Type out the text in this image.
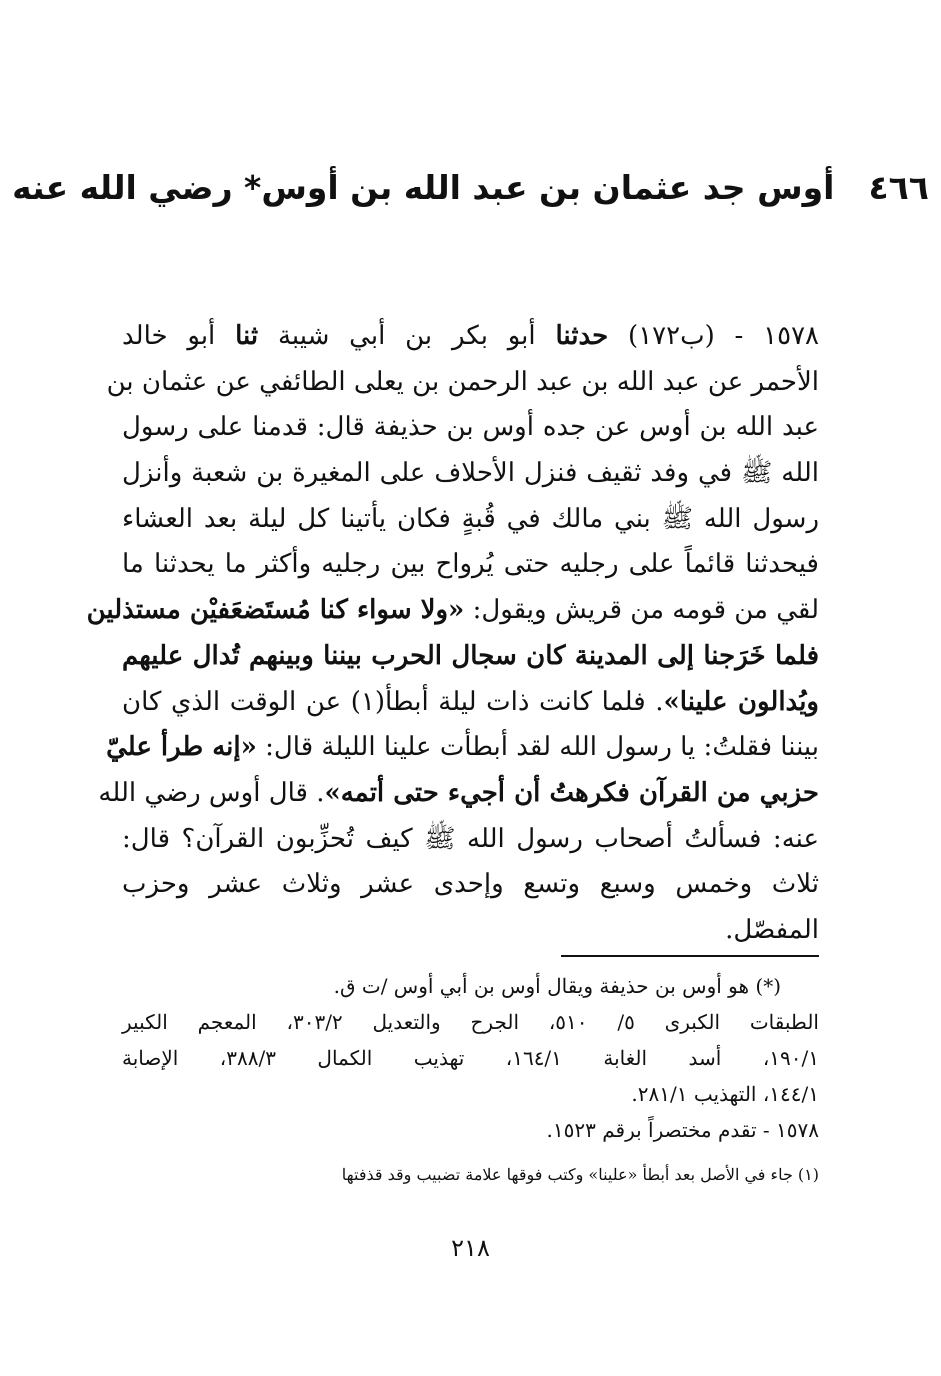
٤٦٦أوس جد عثمان بن عبد الله بن أوس* رضي الله عنه
١٥٧٨ - (ب١٧٢) حدثنا أبو بكر بن أبي شيبة ثنا أبو خالد
الأحمر عن عبد الله بن عبد الرحمن بن يعلى الطائفي عن عثمان بن
عبد الله بن أوس عن جده أوس بن حذيفة قال: قدمنا على رسول
الله ﷺ في وفد ثقيف فنزل الأحلاف على المغيرة بن شعبة وأنزل
رسول الله ﷺ بني مالك في قُبةٍ فكان يأتينا كل ليلة بعد العشاء
فيحدثنا قائماً على رجليه حتى يُرواح بين رجليه وأكثر ما يحدثنا ما
لقي من قومه من قريش ويقول: «ولا سواء كنا مُستَضعَفيْن مستذلين
فلما خَرَجنا إلى المدينة كان سجال الحرب بيننا وبينهم تُدال عليهم
ويُدالون علينا». فلما كانت ذات ليلة أبطأ(١) عن الوقت الذي كان
بيننا فقلتُ: يا رسول الله لقد أبطأت علينا الليلة قال: «إنه طرأ عليّ
حزبي من القرآن فكرهتُ أن أجيء حتى أتمه». قال أوس رضي الله
عنه: فسألتُ أصحاب رسول الله ﷺ كيف تُحزِّبون القرآن؟ قال:
ثلاث وخمس وسبع وتسع وإحدى عشر وثلاث عشر وحزب
المفصّل.
(*) هو أوس بن حذيفة ويقال أوس بن أبي أوس /ت ق.
الطبقات الكبرى ٥/ ٥١٠، الجرح والتعديل ٣٠٣/٢، المعجم الكبير
١٩٠/١، أسد الغابة ١٦٤/١، تهذيب الكمال ٣٨٨/٣، الإصابة
١٤٤/١، التهذيب ٢٨١/١.
١٥٧٨ - تقدم مختصراً برقم ١٥٢٣.
(١) جاء في الأصل بعد أبطأ «علينا» وكتب فوقها علامة تضبيب وقد قذفتها
٢١٨
